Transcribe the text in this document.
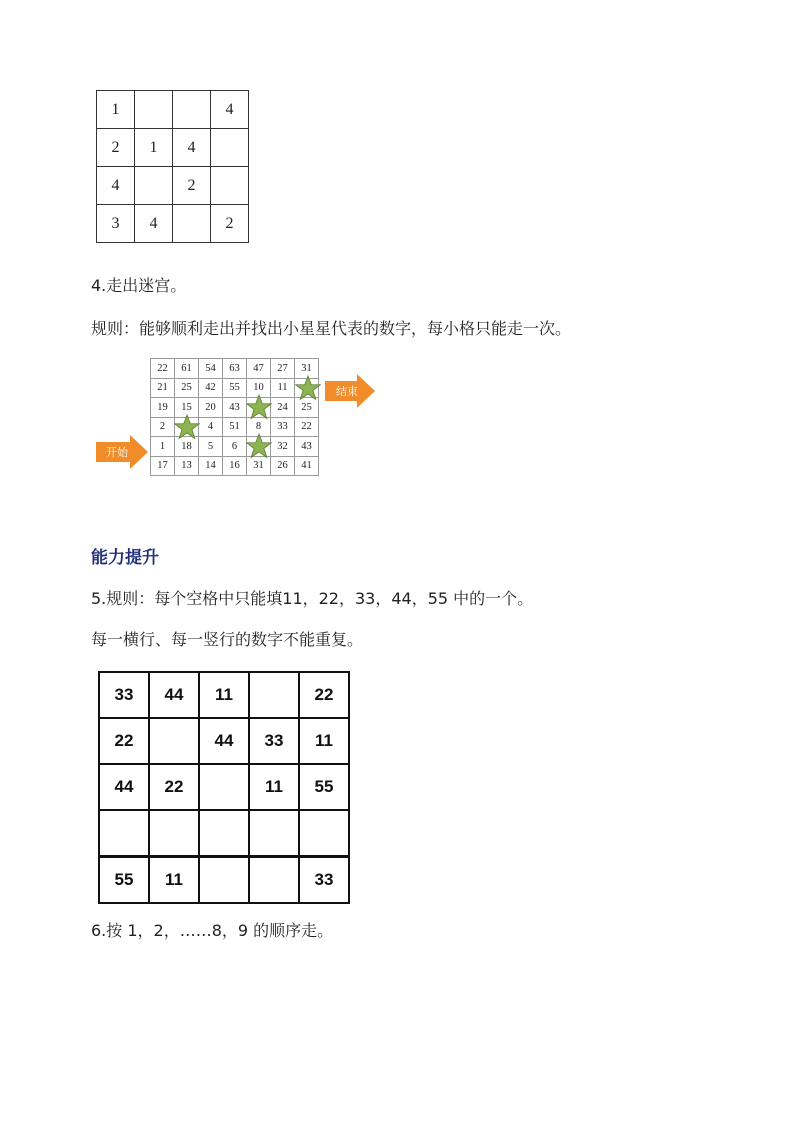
1			4
2	1	4	
4		2	
3	4		2
4.走出迷宫。
规则：能够顺利走出并找出小星星代表的数字，每小格只能走一次。
开始
结束
22	61	54	63	47	27	31
21	25	42	55	10	11	

19	15	20	43		24	25
2		4	51	8	33	22
1	18	5	6		32	43
17	13	14	16	31	26	41
能力提升
5.规则：每个空格中只能填11，22，33，44，55 中的一个。
每一横行、每一竖行的数字不能重复。
33	44	11		22
22		44	33	11
44	22		11	55

55	11			33
6.按 1，2，……8，9 的顺序走。
